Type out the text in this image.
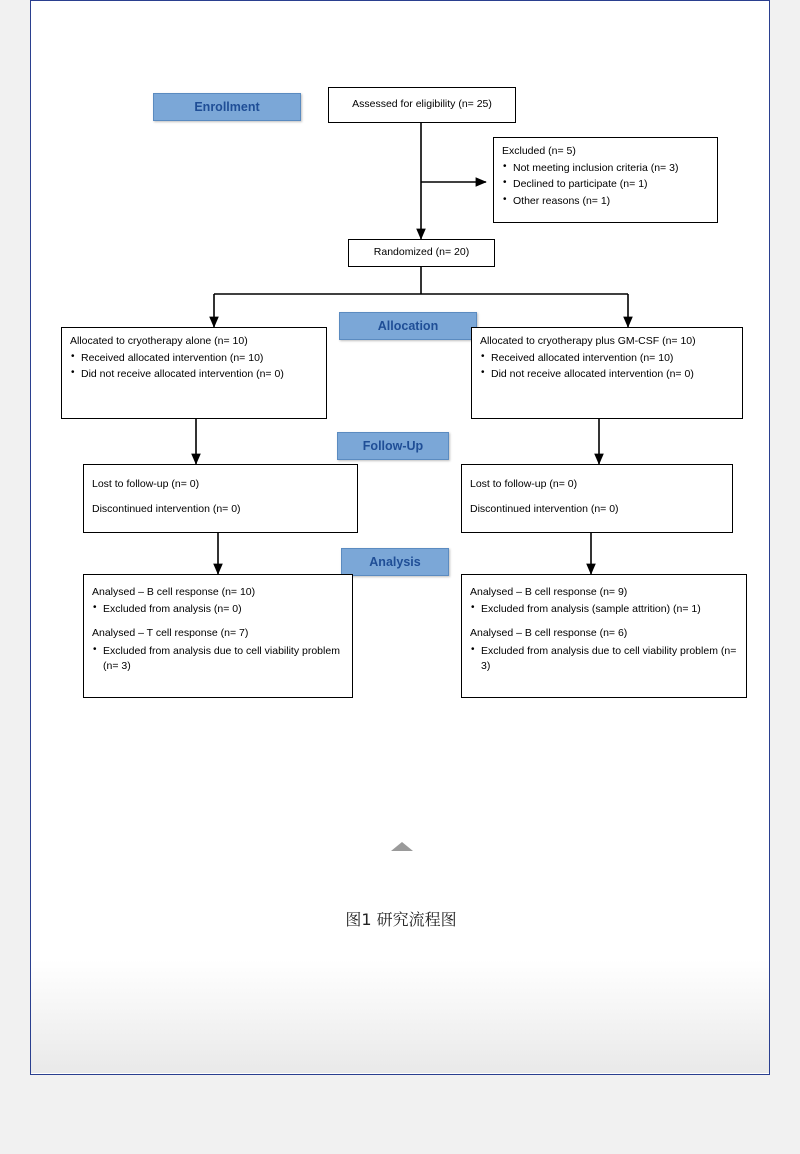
Enrollment
Allocation
Follow-Up
Analysis
Assessed for eligibility (n= 25)
Excluded (n= 5)
• Not meeting inclusion criteria (n= 3)
• Declined to participate (n= 1)
• Other reasons (n= 1)
Randomized (n= 20)
Allocated to cryotherapy alone (n= 10)
• Received allocated intervention (n= 10)
• Did not receive allocated intervention (n= 0)
Allocated to cryotherapy plus GM-CSF (n= 10)
• Received allocated intervention (n= 10)
• Did not receive allocated intervention (n= 0)
Lost to follow-up (n= 0)
Discontinued intervention (n= 0)
Lost to follow-up (n= 0)
Discontinued intervention (n= 0)
Analysed – B cell response (n= 10)
• Excluded from analysis (n= 0)
Analysed – T cell response (n= 7)
• Excluded from analysis due to cell viability problem (n= 3)
Analysed – B cell response (n= 9)
• Excluded from analysis (sample attrition) (n= 1)
Analysed – B cell response (n= 6)
• Excluded from analysis due to cell viability problem (n= 3)
图1 研究流程图
